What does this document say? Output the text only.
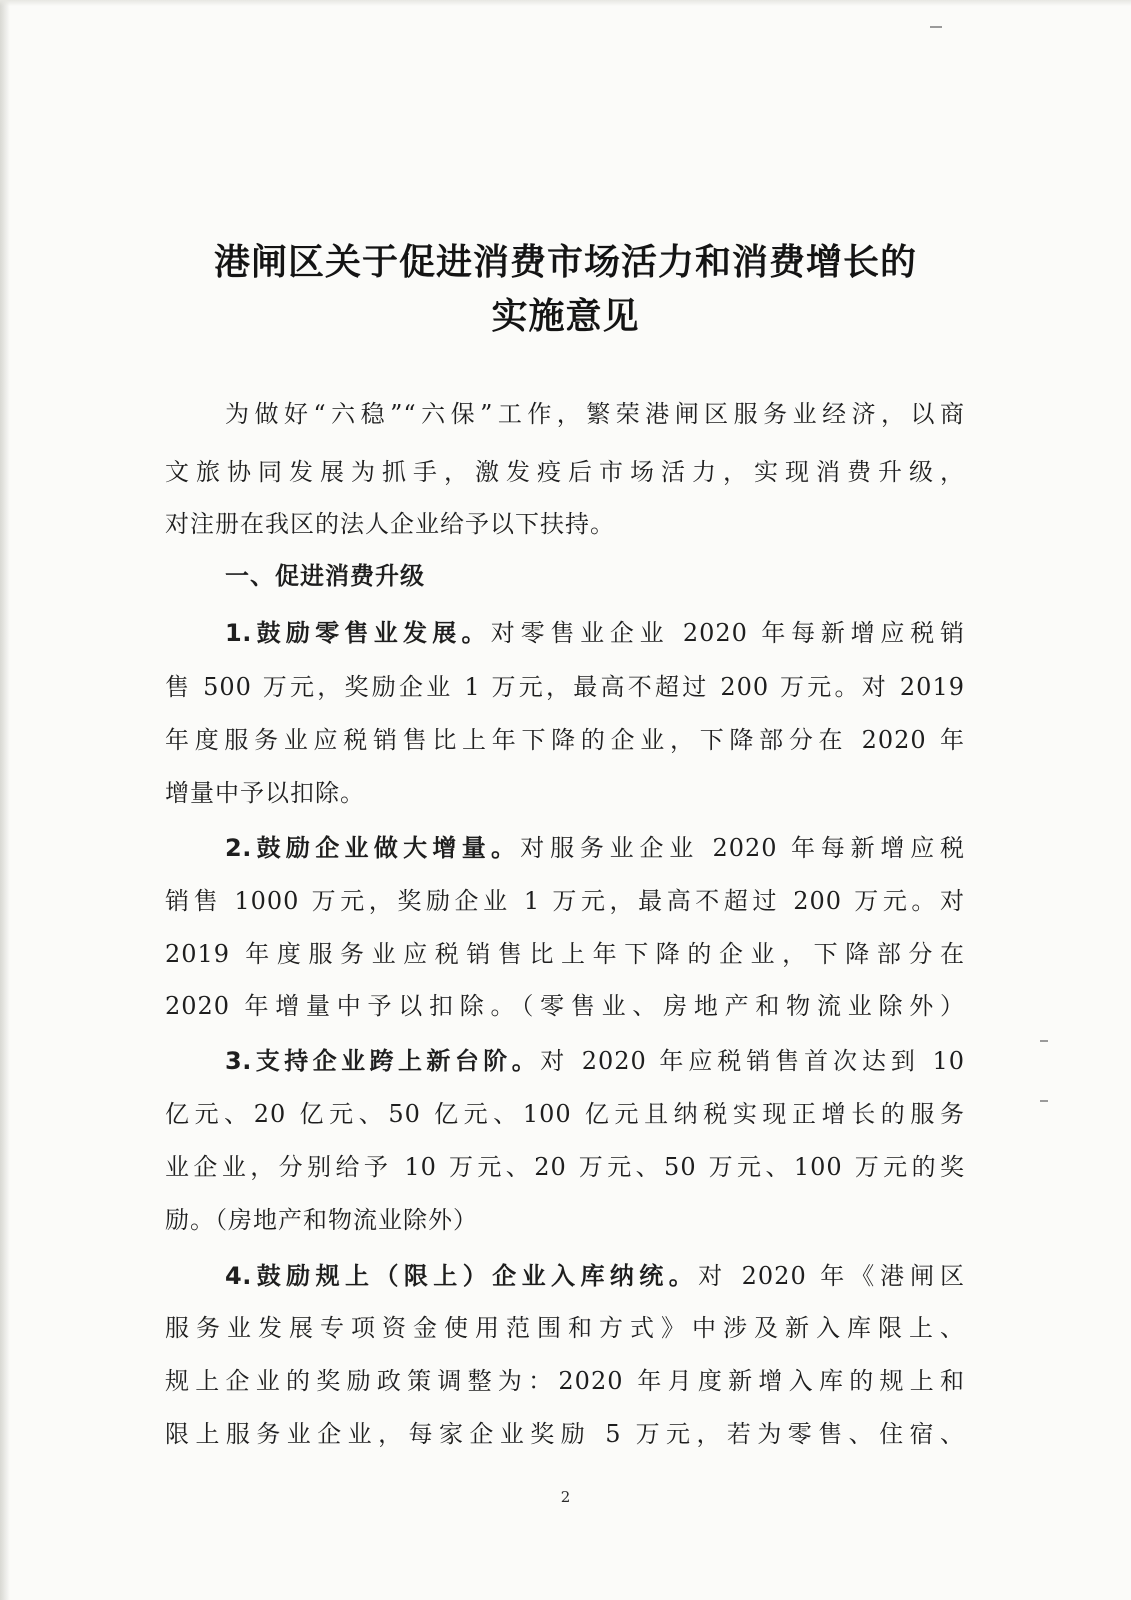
港闸区关于促进消费市场活力和消费增长的
实施意见
为做好“六稳”“六保”工作，繁荣港闸区服务业经济，以商
文旅协同发展为抓手，激发疫后市场活力，实现消费升级，
对注册在我区的法人企业给予以下扶持。
一、促进消费升级
1.鼓励零售业发展。对零售业企业 2020 年每新增应税销
售 500 万元，奖励企业 1 万元，最高不超过 200 万元。对 2019
年度服务业应税销售比上年下降的企业，下降部分在 2020 年
增量中予以扣除。
2.鼓励企业做大增量。对服务业企业 2020 年每新增应税
销售 1000 万元，奖励企业 1 万元，最高不超过 200 万元。对
2019 年度服务业应税销售比上年下降的企业，下降部分在
2020 年增量中予以扣除。（零售业、房地产和物流业除外）
3.支持企业跨上新台阶。对 2020 年应税销售首次达到 10
亿元、20 亿元、50 亿元、100 亿元且纳税实现正增长的服务
业企业，分别给予 10 万元、20 万元、50 万元、100 万元的奖
励。（房地产和物流业除外）
4.鼓励规上（限上）企业入库纳统。对 2020 年《港闸区
服务业发展专项资金使用范围和方式》中涉及新入库限上、
规上企业的奖励政策调整为：2020 年月度新增入库的规上和
限上服务业企业，每家企业奖励 5 万元，若为零售、住宿、
2
